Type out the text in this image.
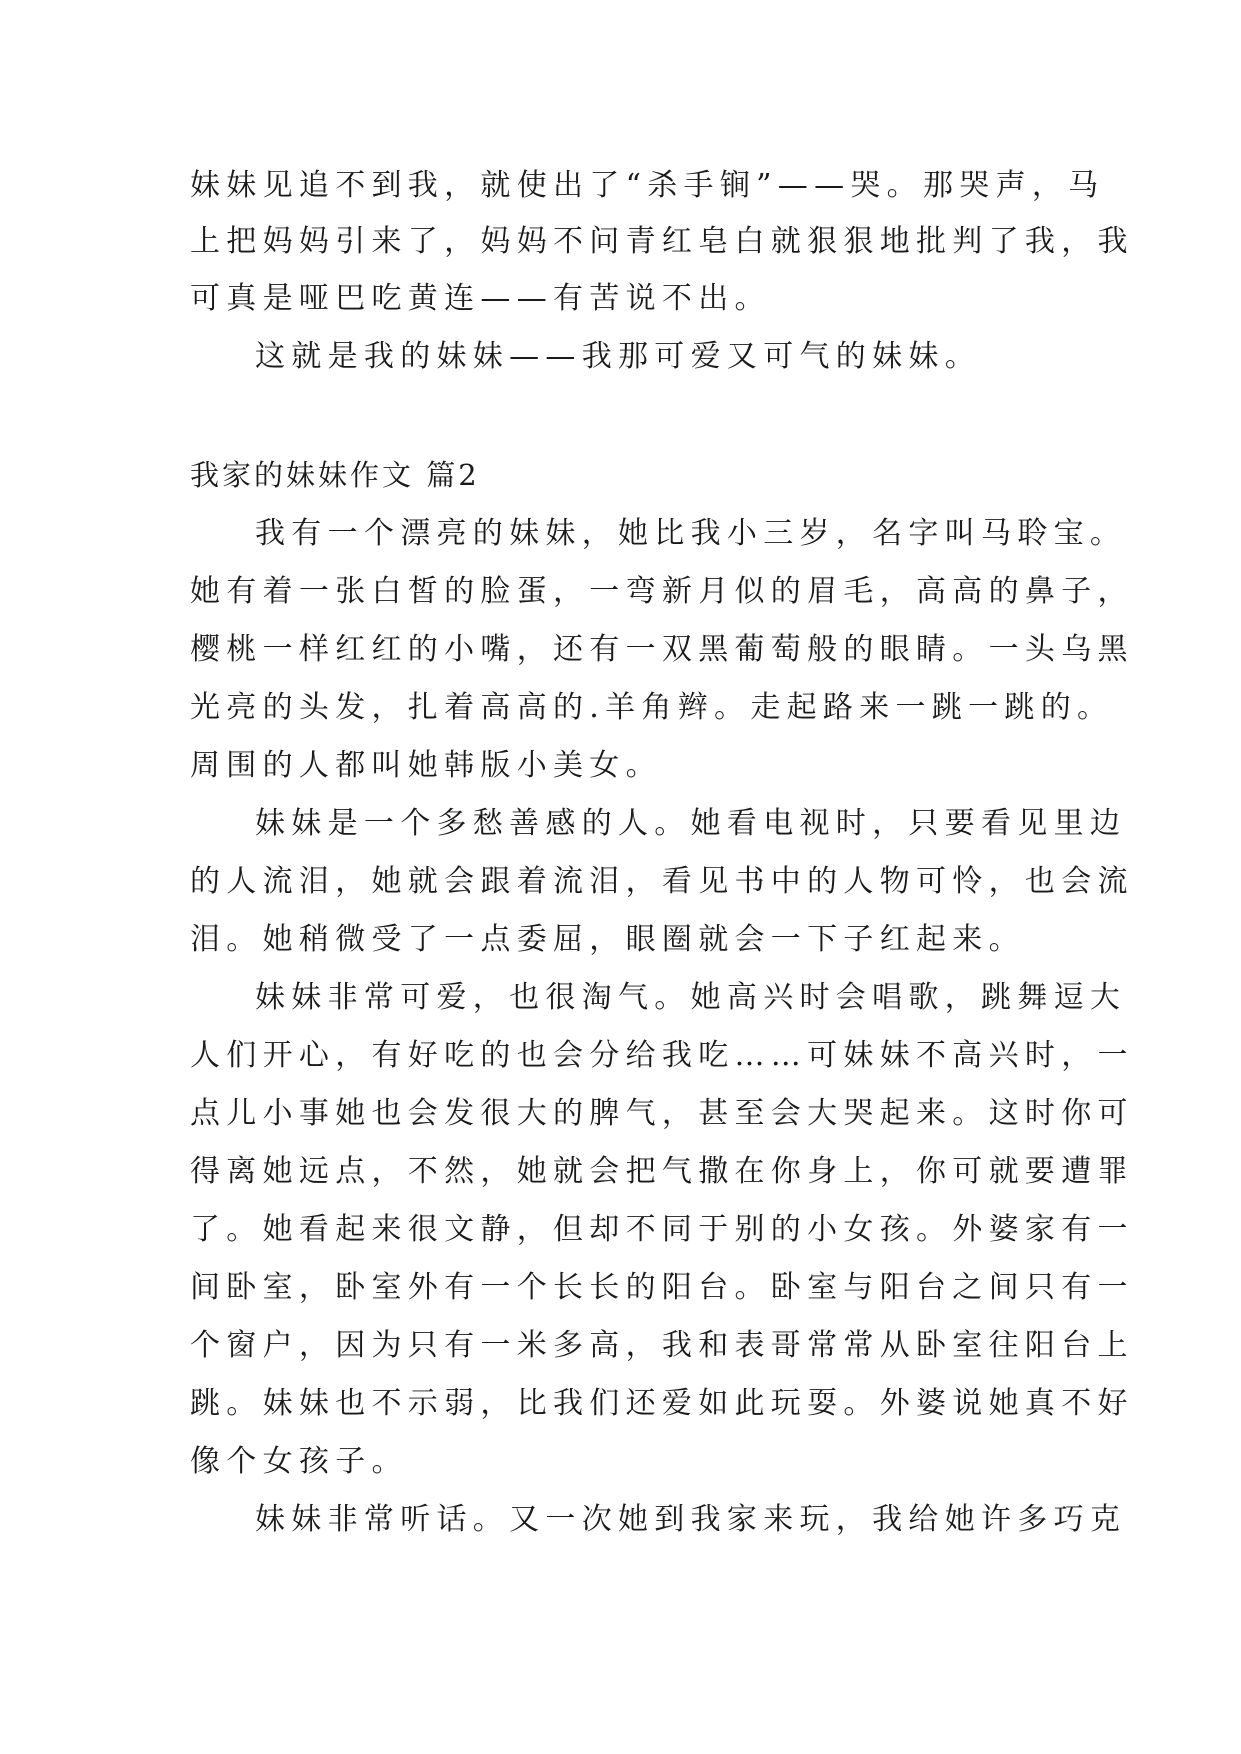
妹妹见追不到我，就使出了“杀手锏”——哭。那哭声，马
上把妈妈引来了，妈妈不问青红皂白就狠狠地批判了我，我
可真是哑巴吃黄连——有苦说不出。
这就是我的妹妹——我那可爱又可气的妹妹。
我家的妹妹作文 篇2
我有一个漂亮的妹妹，她比我小三岁，名字叫马聆宝。
她有着一张白皙的脸蛋，一弯新月似的眉毛，高高的鼻子，
樱桃一样红红的小嘴，还有一双黑葡萄般的眼睛。一头乌黑
光亮的头发，扎着高高的.羊角辫。走起路来一跳一跳的。
周围的人都叫她韩版小美女。
妹妹是一个多愁善感的人。她看电视时，只要看见里边
的人流泪，她就会跟着流泪，看见书中的人物可怜，也会流
泪。她稍微受了一点委屈，眼圈就会一下子红起来。
妹妹非常可爱，也很淘气。她高兴时会唱歌，跳舞逗大
人们开心，有好吃的也会分给我吃……可妹妹不高兴时，一
点儿小事她也会发很大的脾气，甚至会大哭起来。这时你可
得离她远点，不然，她就会把气撒在你身上，你可就要遭罪
了。她看起来很文静，但却不同于别的小女孩。外婆家有一
间卧室，卧室外有一个长长的阳台。卧室与阳台之间只有一
个窗户，因为只有一米多高，我和表哥常常从卧室往阳台上
跳。妹妹也不示弱，比我们还爱如此玩耍。外婆说她真不好
像个女孩子。
妹妹非常听话。又一次她到我家来玩，我给她许多巧克
